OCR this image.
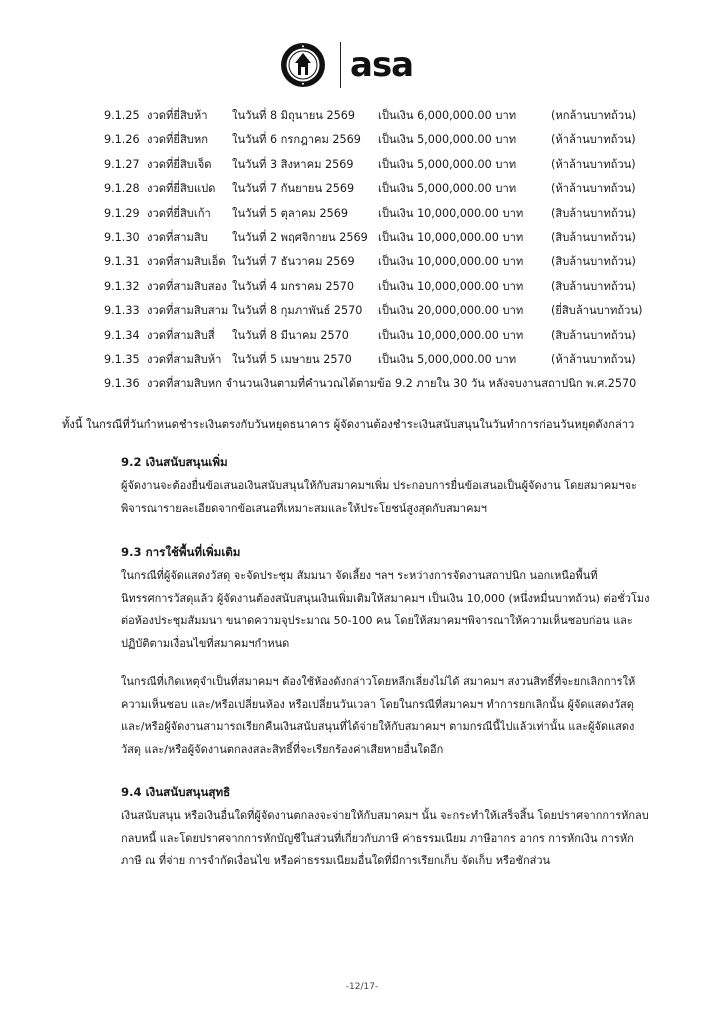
asa
9.1.25 งวดที่ยี่สิบห้า ในวันที่ 8 มิถุนายน 2569 เป็นเงิน 6,000,000.00 บาท	(หกล้านบาทถ้วน)
9.1.26 งวดที่ยี่สิบหก ในวันที่ 6 กรกฎาคม 2569 เป็นเงิน 5,000,000.00 บาท	(ห้าล้านบาทถ้วน)
9.1.27 งวดที่ยี่สิบเจ็ด ในวันที่ 3 สิงหาคม 2569 เป็นเงิน 5,000,000.00 บาท	(ห้าล้านบาทถ้วน)
9.1.28 งวดที่ยี่สิบแปด ในวันที่ 7 กันยายน 2569 เป็นเงิน 5,000,000.00 บาท	(ห้าล้านบาทถ้วน)
9.1.29 งวดที่ยี่สิบเก้า ในวันที่ 5 ตุลาคม 2569	เป็นเงิน 10,000,000.00 บาท (สิบล้านบาทถ้วน)
9.1.30 งวดที่สามสิบ ในวันที่ 2 พฤศจิกายน 2569 เป็นเงิน 10,000,000.00 บาท (สิบล้านบาทถ้วน)
9.1.31 งวดที่สามสิบเอ็ด ในวันที่ 7 ธันวาคม 2569 เป็นเงิน 10,000,000.00 บาท (สิบล้านบาทถ้วน)
9.1.32 งวดที่สามสิบสอง ในวันที่ 4 มกราคม 2570 เป็นเงิน 10,000,000.00 บาท (สิบล้านบาทถ้วน)
9.1.33 งวดที่สามสิบสาม ในวันที่ 8 กุมภาพันธ์ 2570 เป็นเงิน 20,000,000.00 บาท (ยี่สิบล้านบาทถ้วน)
9.1.34 งวดที่สามสิบสี่ ในวันที่ 8 มีนาคม 2570	เป็นเงิน 10,000,000.00 บาท (สิบล้านบาทถ้วน)
9.1.35 งวดที่สามสิบห้า ในวันที่ 5 เมษายน 2570 เป็นเงิน 5,000,000.00 บาท	(ห้าล้านบาทถ้วน)
9.1.36 งวดที่สามสิบหก จำนวนเงินตามที่คำนวณได้ตามข้อ 9.2 ภายใน 30 วัน หลังจบงานสถาปนิก พ.ศ.2570
ทั้งนี้ ในกรณีที่วันกำหนดชำระเงินตรงกับวันหยุดธนาคาร ผู้จัดงานต้องชำระเงินสนับสนุนในวันทำการก่อนวันหยุดดังกล่าว

9.2 เงินสนับสนุนเพิ่ม

ผู้จัดงานจะต้องยื่นข้อเสนอเงินสนับสนุนให้กับสมาคมฯเพิ่ม ประกอบการยื่นข้อเสนอเป็นผู้จัดงาน โดยสมาคมฯจะ
พิจารณารายละเอียดจากข้อเสนอที่เหมาะสมและให้ประโยชน์สูงสุดกับสมาคมฯ

9.3 การใช้พื้นที่เพิ่มเติม

ในกรณีที่ผู้จัดแสดงวัสดุ จะจัดประชุม สัมมนา จัดเลี้ยง ฯลฯ ระหว่างการจัดงานสถาปนิก นอกเหนือพื้นที่
นิทรรศการวัสดุแล้ว ผู้จัดงานต้องสนับสนุนเงินเพิ่มเติมให้สมาคมฯ เป็นเงิน 10,000 (หนึ่งหมื่นบาทถ้วน) ต่อชั่วโมง
ต่อห้องประชุมสัมมนา ขนาดความจุประมาณ 50-100 คน โดยให้สมาคมฯพิจารณาให้ความเห็นชอบก่อน และ
ปฏิบัติตามเงื่อนไขที่สมาคมฯกำหนด

ในกรณีที่เกิดเหตุจำเป็นที่สมาคมฯ ต้องใช้ห้องดังกล่าวโดยหลีกเลี่ยงไม่ได้ สมาคมฯ สงวนสิทธิ์ที่จะยกเลิกการให้
ความเห็นชอบ และ/หรือเปลี่ยนห้อง หรือเปลี่ยนวันเวลา โดยในกรณีที่สมาคมฯ ทำการยกเลิกนั้น ผู้จัดแสดงวัสดุ
และ/หรือผู้จัดงานสามารถเรียกคืนเงินสนับสนุนที่ได้จ่ายให้กับสมาคมฯ ตามกรณีนี้ไปแล้วเท่านั้น และผู้จัดแสดง
วัสดุ และ/หรือผู้จัดงานตกลงสละสิทธิ์ที่จะเรียกร้องค่าเสียหายอื่นใดอีก

9.4 เงินสนับสนุนสุทธิ

เงินสนับสนุน หรือเงินอื่นใดที่ผู้จัดงานตกลงจะจ่ายให้กับสมาคมฯ นั้น จะกระทำให้เสร็จสิ้น โดยปราศจากการหักลบ
กลบหนี้ และโดยปราศจากการหักบัญชีในส่วนที่เกี่ยวกับภาษี ค่าธรรมเนียม ภาษีอากร อากร การหักเงิน การหัก
ภาษี ณ ที่จ่าย การจำกัดเงื่อนไข หรือค่าธรรมเนียมอื่นใดที่มีการเรียกเก็บ จัดเก็บ หรือชักส่วน

-12/17-
